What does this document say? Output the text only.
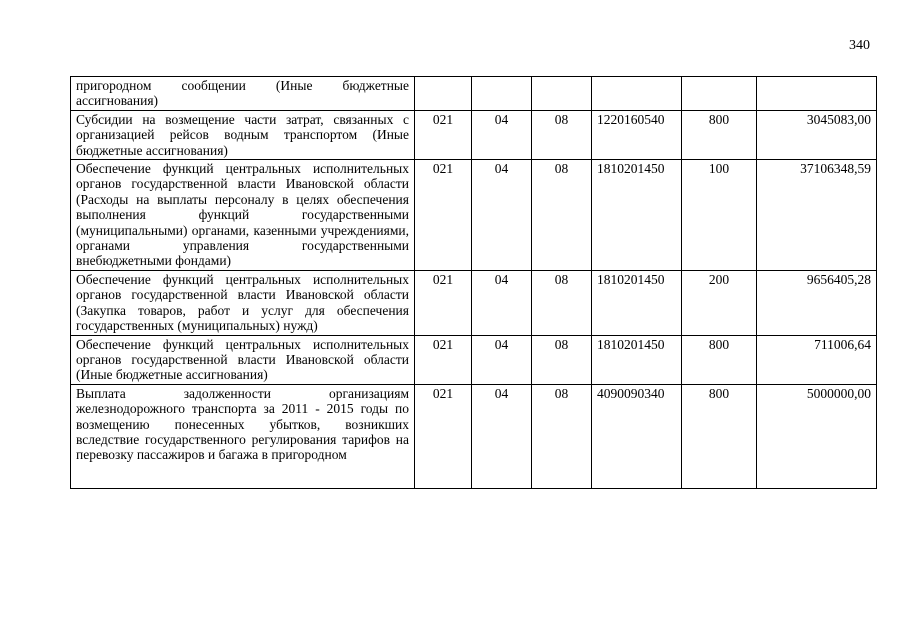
340
пригородном сообщении (Иные бюджетные ассигнования)						
Субсидии на возмещение части затрат, связанных с организацией рейсов водным транспортом (Иные бюджетные ассигнования)	021	04	08	1220160540	800	3045083,00
Обеспечение функций центральных исполнительных органов государственной власти Ивановской области (Расходы на выплаты персоналу в целях обеспечения выполнения функций государственными (муниципальными) органами, казенными учреждениями, органами управления государственными внебюджетными фондами)	021	04	08	1810201450	100	37106348,59
Обеспечение функций центральных исполнительных органов государственной власти Ивановской области (Закупка товаров, работ и услуг для обеспечения государственных (муниципальных) нужд)	021	04	08	1810201450	200	9656405,28
Обеспечение функций центральных исполнительных органов государственной власти Ивановской области (Иные бюджетные ассигнования)	021	04	08	1810201450	800	711006,64
Выплата задолженности организациям железнодорожного транспорта за 2011 - 2015 годы по возмещению понесенных убытков, возникших вследствие государственного регулирования тарифов на перевозку пассажиров и багажа в пригородном	021	04	08	4090090340	800	5000000,00
